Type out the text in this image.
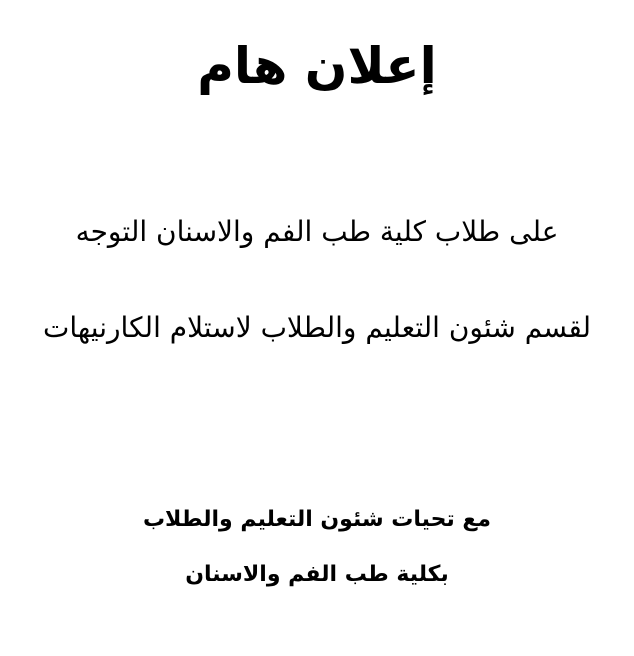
إعلان هام
على طلاب كلية طب الفم والاسنان التوجه
لقسم شئون التعليم والطلاب لاستلام الكارنيهات
مع تحيات شئون التعليم والطلاب
بكلية طب الفم والاسنان
